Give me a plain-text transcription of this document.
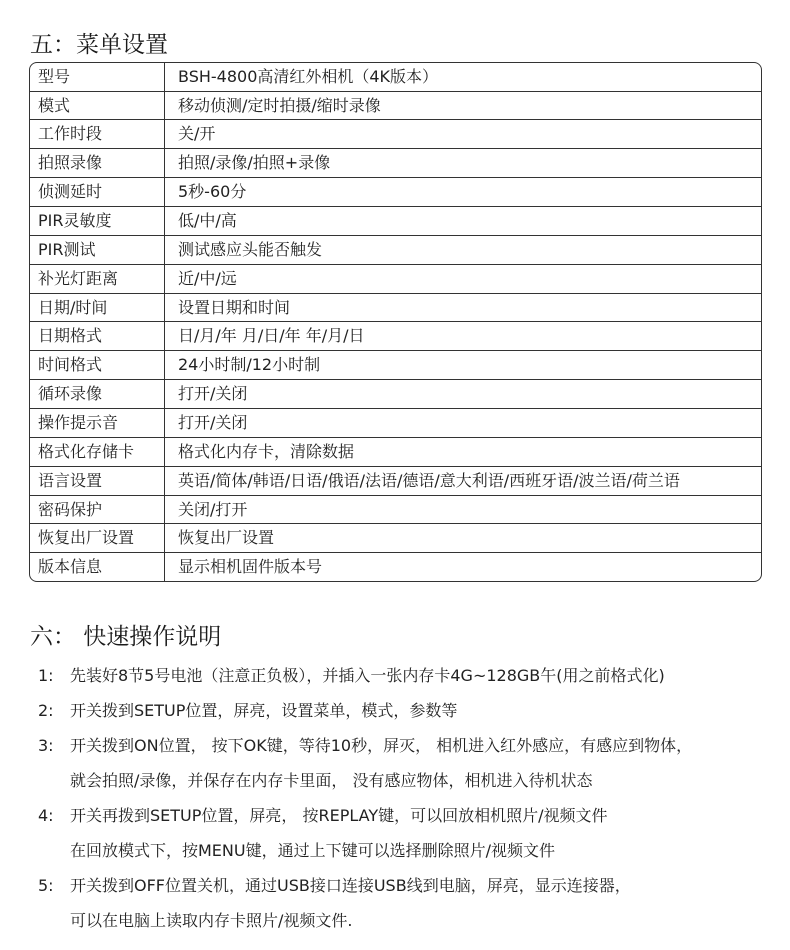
五：菜单设置
型号	BSH-4800高清红外相机（4K版本）
模式	移动侦测/定时拍摄/缩时录像
工作时段	关/开
拍照录像	拍照/录像/拍照+录像
侦测延时	5秒-60分
PIR灵敏度	低/中/高
PIR测试	测试感应头能否触发
补光灯距离	近/中/远
日期/时间	设置日期和时间
日期格式	日/月/年 月/日/年 年/月/日
时间格式	24小时制/12小时制
循环录像	打开/关闭
操作提示音	打开/关闭
格式化存储卡	格式化内存卡，清除数据
语言设置	英语/简体/韩语/日语/俄语/法语/德语/意大利语/西班牙语/波兰语/荷兰语
密码保护	关闭/打开
恢复出厂设置	恢复出厂设置
版本信息	显示相机固件版本号
六： 快速操作说明
1: 先装好8节5号电池（注意正负极），并插入一张内存卡4G~128GB午(用之前格式化)
2: 开关拨到SETUP位置，屏亮，设置菜单，模式，参数等
3: 开关拨到ON位置， 按下OK键，等待10秒，屏灭， 相机进入红外感应，有感应到物体，
就会拍照/录像，并保存在内存卡里面， 没有感应物体，相机进入待机状态
4: 开关再拨到SETUP位置，屏亮， 按REPLAY键，可以回放相机照片/视频文件
在回放模式下，按MENU键，通过上下键可以选择删除照片/视频文件
5: 开关拨到OFF位置关机，通过USB接口连接USB线到电脑，屏亮，显示连接器，
可以在电脑上读取内存卡照片/视频文件.
